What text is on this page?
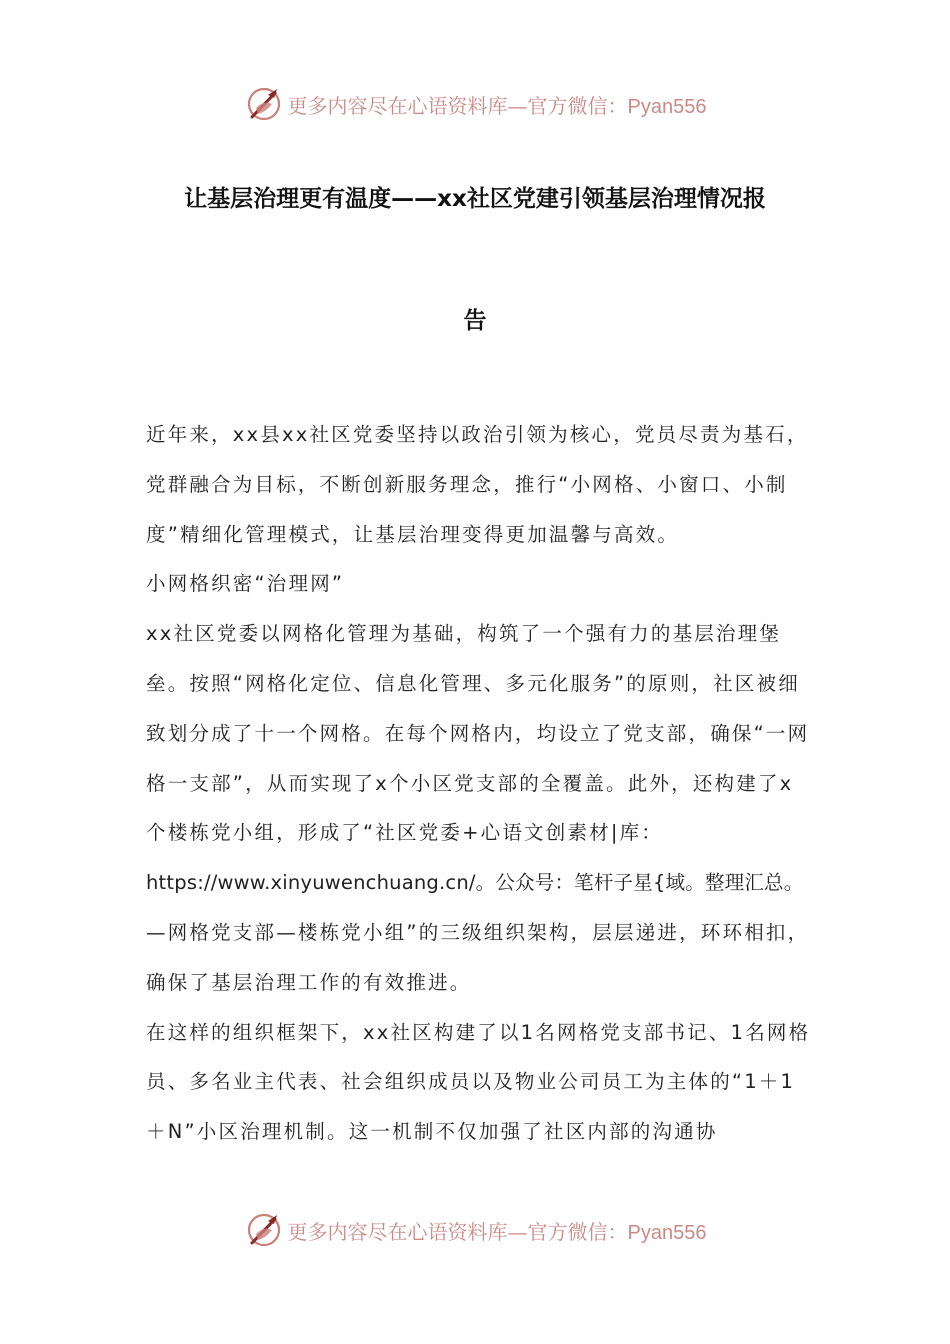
更多内容尽在心语资料库—官方微信：Pyan556
让基层治理更有温度——xx社区党建引领基层治理情况报
告

近年来，xx县xx社区党委坚持以政治引领为核心，党员尽责为基石，党群融合为目标，不断创新服务理念，推行“小网格、小窗口、小制度”精细化管理模式，让基层治理变得更加温馨与高效。

小网格织密“治理网”

xx社区党委以网格化管理为基础，构筑了一个强有力的基层治理堡垒。按照“网格化定位、信息化管理、多元化服务”的原则，社区被细致划分成了十一个网格。在每个网格内，均设立了党支部，确保“一网格一支部”，从而实现了x个小区党支部的全覆盖。此外，还构建了x个楼栋党小组，形成了“社区党委+心语文创素材|库：

https://www.xinyuwenchuang.cn/。公众号：笔杆子星{域。整理汇总。

—网格党支部—楼栋党小组”的三级组织架构，层层递进，环环相扣，确保了基层治理工作的有效推进。

在这样的组织框架下，xx社区构建了以1名网格党支部书记、1名网格员、多名业主代表、社会组织成员以及物业公司员工为主体的“1＋1＋N”小区治理机制。这一机制不仅加强了社区内部的沟通协

更多内容尽在心语资料库—官方微信：Pyan556
